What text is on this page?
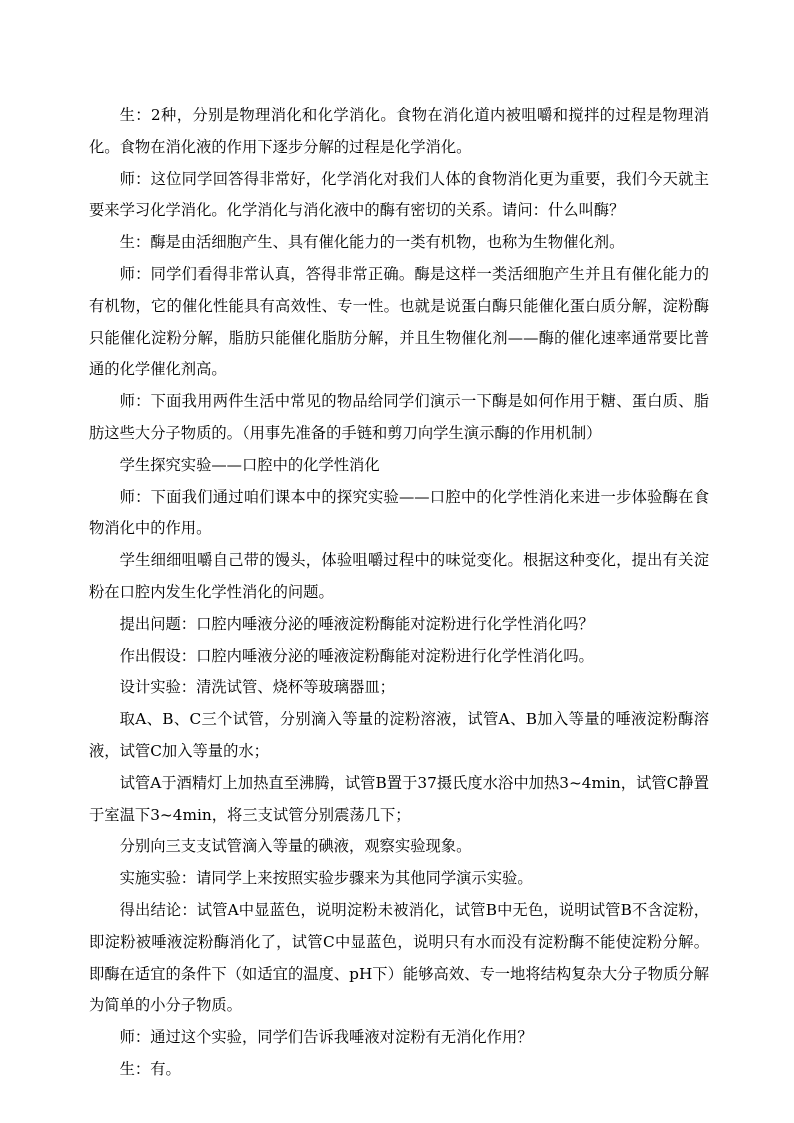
生：2种，分别是物理消化和化学消化。食物在消化道内被咀嚼和搅拌的过程是物理消化。食物在消化液的作用下逐步分解的过程是化学消化。

师：这位同学回答得非常好，化学消化对我们人体的食物消化更为重要，我们今天就主要来学习化学消化。化学消化与消化液中的酶有密切的关系。请问：什么叫酶？

生：酶是由活细胞产生、具有催化能力的一类有机物，也称为生物催化剂。

师：同学们看得非常认真，答得非常正确。酶是这样一类活细胞产生并且有催化能力的有机物，它的催化性能具有高效性、专一性。也就是说蛋白酶只能催化蛋白质分解，淀粉酶只能催化淀粉分解，脂肪只能催化脂肪分解，并且生物催化剂——酶的催化速率通常要比普通的化学催化剂高。

师：下面我用两件生活中常见的物品给同学们演示一下酶是如何作用于糖、蛋白质、脂肪这些大分子物质的。（用事先准备的手链和剪刀向学生演示酶的作用机制）

学生探究实验——口腔中的化学性消化

师：下面我们通过咱们课本中的探究实验——口腔中的化学性消化来进一步体验酶在食物消化中的作用。

学生细细咀嚼自己带的馒头，体验咀嚼过程中的味觉变化。根据这种变化，提出有关淀粉在口腔内发生化学性消化的问题。

提出问题：口腔内唾液分泌的唾液淀粉酶能对淀粉进行化学性消化吗？

作出假设：口腔内唾液分泌的唾液淀粉酶能对淀粉进行化学性消化吗。

设计实验：清洗试管、烧杯等玻璃器皿；

取A、B、C三个试管，分别滴入等量的淀粉溶液，试管A、B加入等量的唾液淀粉酶溶液，试管C加入等量的水；

试管A于酒精灯上加热直至沸腾，试管B置于37摄氏度水浴中加热3~4min，试管C静置于室温下3~4min，将三支试管分别震荡几下；

分别向三支支试管滴入等量的碘液，观察实验现象。

实施实验：请同学上来按照实验步骤来为其他同学演示实验。

得出结论：试管A中显蓝色，说明淀粉未被消化，试管B中无色，说明试管B不含淀粉，即淀粉被唾液淀粉酶消化了，试管C中显蓝色，说明只有水而没有淀粉酶不能使淀粉分解。即酶在适宜的条件下（如适宜的温度、pH下）能够高效、专一地将结构复杂大分子物质分解为简单的小分子物质。

师：通过这个实验，同学们告诉我唾液对淀粉有无消化作用？

生：有。
